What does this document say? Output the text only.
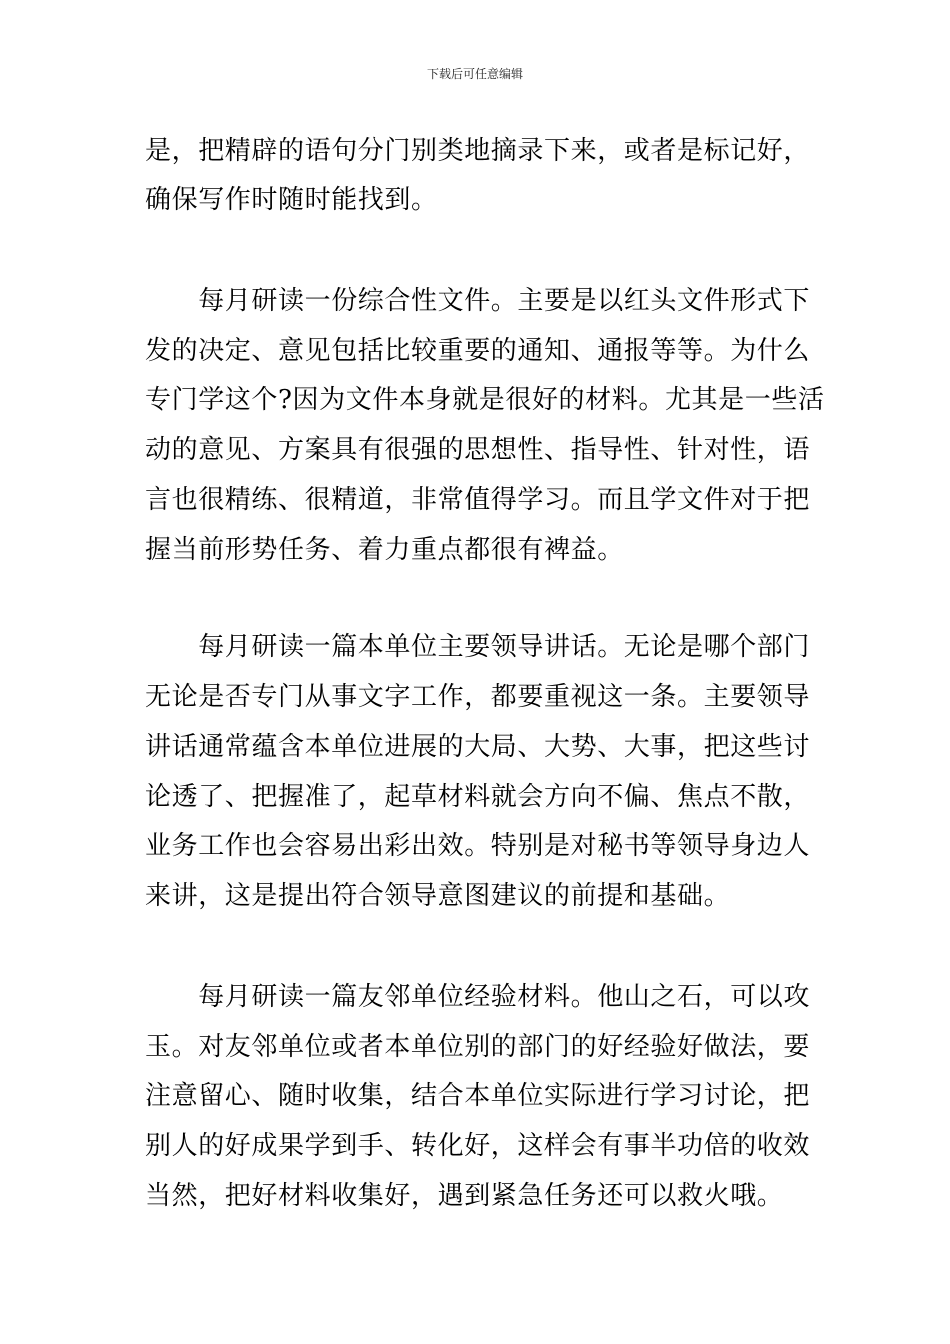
下载后可任意编辑
是，把精辟的语句分门别类地摘录下来，或者是标记好，
确保写作时随时能找到。
　　每月研读一份综合性文件。主要是以红头文件形式下
发的决定、意见包括比较重要的通知、通报等等。为什么
专门学这个?因为文件本身就是很好的材料。尤其是一些活
动的意见、方案具有很强的思想性、指导性、针对性，语
言也很精练、很精道，非常值得学习。而且学文件对于把
握当前形势任务、着力重点都很有裨益。
　　每月研读一篇本单位主要领导讲话。无论是哪个部门
无论是否专门从事文字工作，都要重视这一条。主要领导
讲话通常蕴含本单位进展的大局、大势、大事，把这些讨
论透了、把握准了，起草材料就会方向不偏、焦点不散，
业务工作也会容易出彩出效。特别是对秘书等领导身边人
来讲，这是提出符合领导意图建议的前提和基础。
　　每月研读一篇友邻单位经验材料。他山之石，可以攻
玉。对友邻单位或者本单位别的部门的好经验好做法，要
注意留心、随时收集，结合本单位实际进行学习讨论，把
别人的好成果学到手、转化好，这样会有事半功倍的收效
当然，把好材料收集好，遇到紧急任务还可以救火哦。
